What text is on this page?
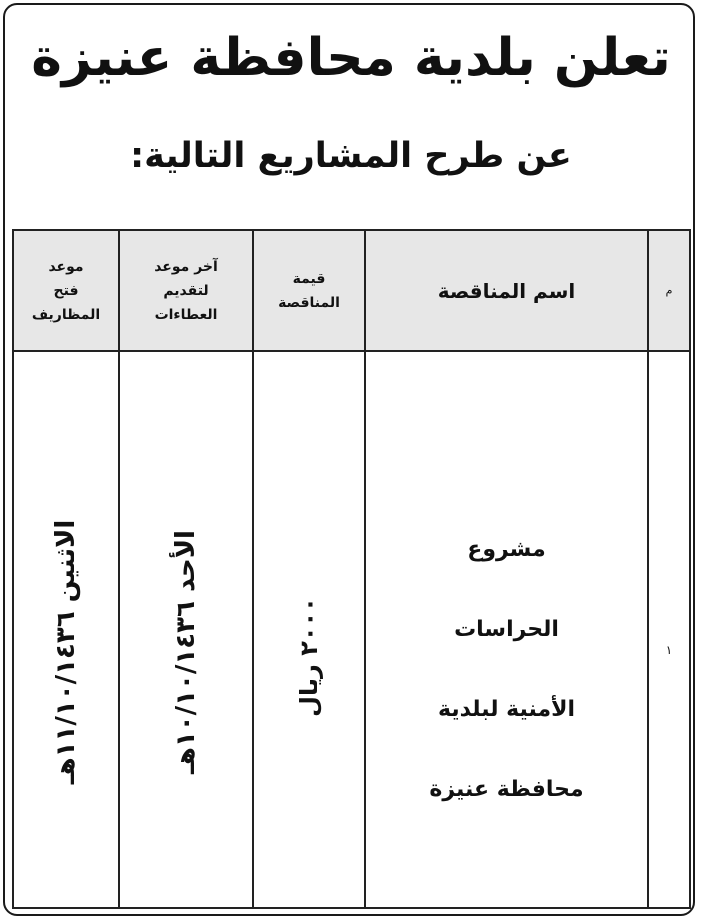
تعلن بلدية محافظة عنيزة
عن طرح المشاريع التالية:
م
اسم المناقصة
قيمة
المناقصة
آخر موعد
لتقديم
العطاءات
موعد
فتح
المظاريف
١
مشروع
الحراسات
الأمنية لبلدية
محافظة عنيزة
٢٠٠٠ ريال
الأحد ١٠/١٠/١٤٣٦هـ
الاثنين ١١/١٠/١٤٣٦هـ
